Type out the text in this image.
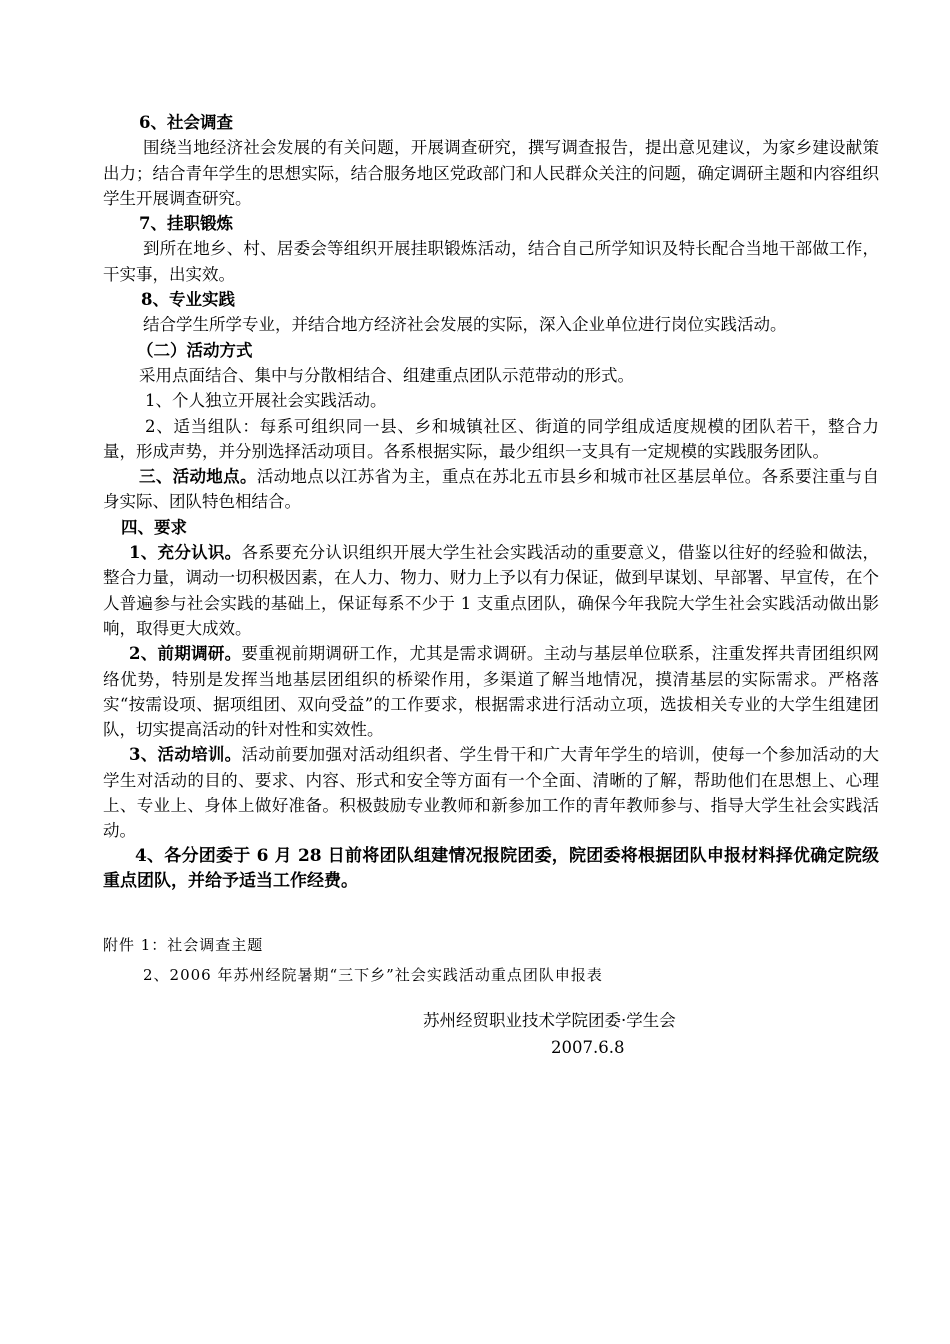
6、社会调查

围绕当地经济社会发展的有关问题，开展调查研究，撰写调查报告，提出意见建议，为家乡建设献策出力；结合青年学生的思想实际，结合服务地区党政部门和人民群众关注的问题，确定调研主题和内容组织学生开展调查研究。

7、挂职锻炼

到所在地乡、村、居委会等组织开展挂职锻炼活动，结合自己所学知识及特长配合当地干部做工作，干实事，出实效。

8、专业实践

结合学生所学专业，并结合地方经济社会发展的实际，深入企业单位进行岗位实践活动。

（二）活动方式

采用点面结合、集中与分散相结合、组建重点团队示范带动的形式。

1、个人独立开展社会实践活动。

2、适当组队：每系可组织同一县、乡和城镇社区、街道的同学组成适度规模的团队若干，整合力量，形成声势，并分别选择活动项目。各系根据实际，最少组织一支具有一定规模的实践服务团队。

三、活动地点。活动地点以江苏省为主，重点在苏北五市县乡和城市社区基层单位。各系要注重与自身实际、团队特色相结合。

四、要求

1、充分认识。各系要充分认识组织开展大学生社会实践活动的重要意义，借鉴以往好的经验和做法，整合力量，调动一切积极因素，在人力、物力、财力上予以有力保证，做到早谋划、早部署、早宣传，在个人普遍参与社会实践的基础上，保证每系不少于 1 支重点团队，确保今年我院大学生社会实践活动做出影响，取得更大成效。

2、前期调研。要重视前期调研工作，尤其是需求调研。主动与基层单位联系，注重发挥共青团组织网络优势，特别是发挥当地基层团组织的桥梁作用，多渠道了解当地情况，摸清基层的实际需求。严格落实“按需设项、据项组团、双向受益”的工作要求，根据需求进行活动立项，选拔相关专业的大学生组建团队，切实提高活动的针对性和实效性。

3、活动培训。活动前要加强对活动组织者、学生骨干和广大青年学生的培训，使每一个参加活动的大学生对活动的目的、要求、内容、形式和安全等方面有一个全面、清晰的了解，帮助他们在思想上、心理上、专业上、身体上做好准备。积极鼓励专业教师和新参加工作的青年教师参与、指导大学生社会实践活动。

4、各分团委于 6 月 28 日前将团队组建情况报院团委，院团委将根据团队申报材料择优确定院级重点团队，并给予适当工作经费。

附件 1：社会调查主题
2、2006 年苏州经院暑期“三下乡”社会实践活动重点团队申报表
苏州经贸职业技术学院团委·学生会
2007.6.8
